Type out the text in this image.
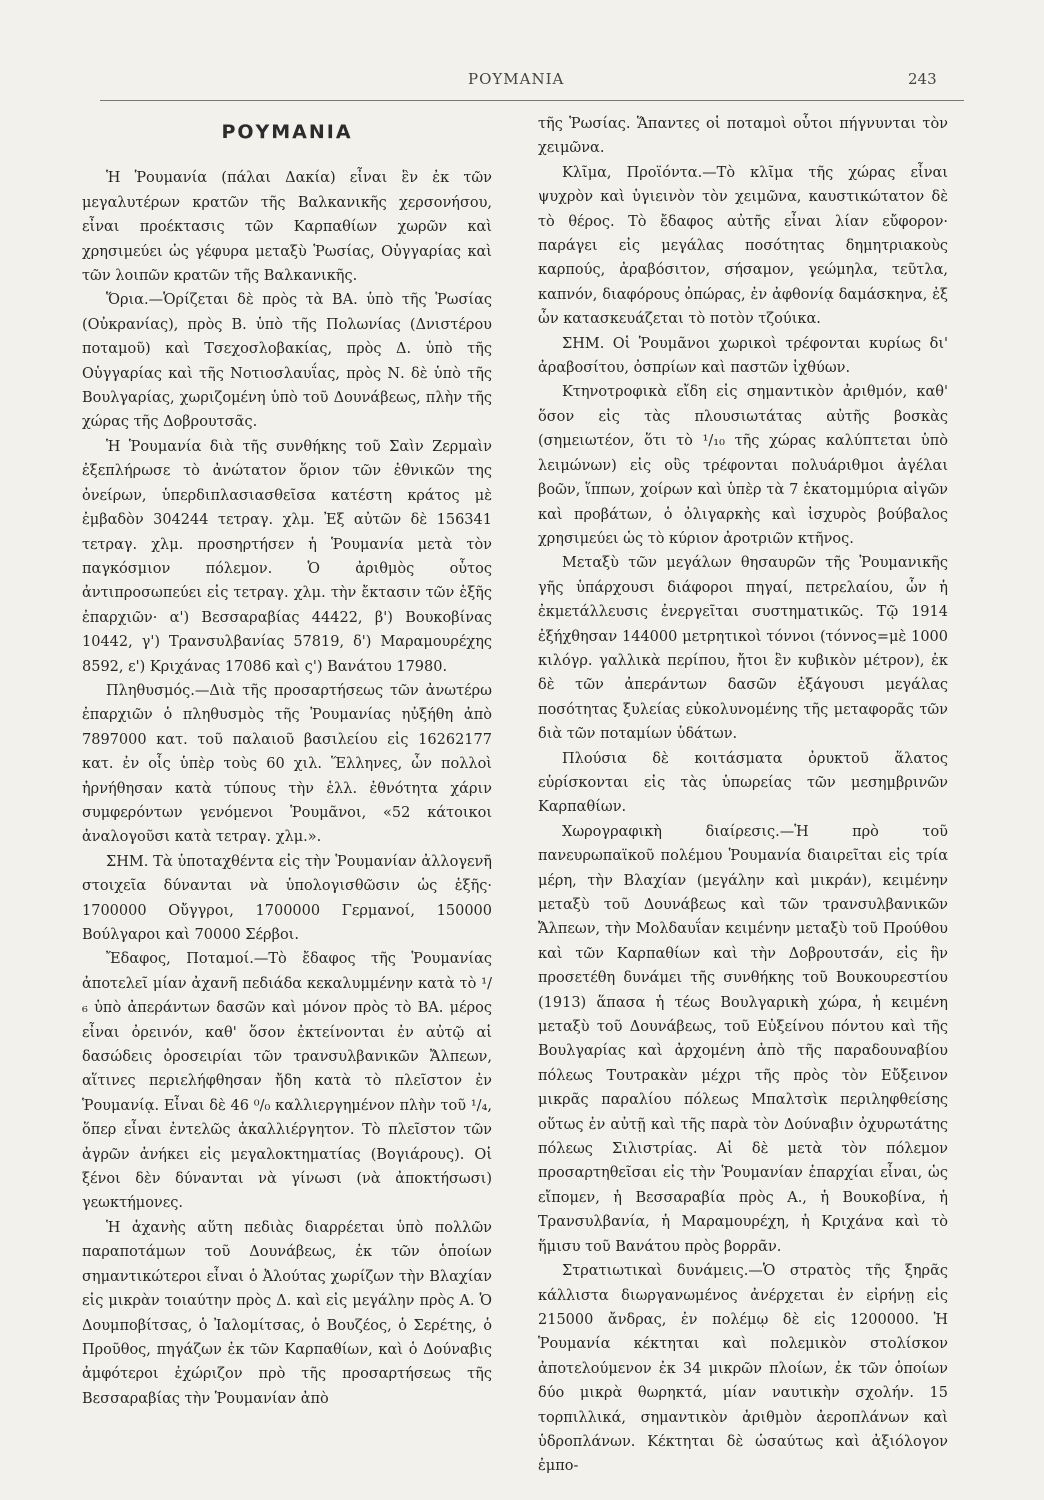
ΡΟΥΜΑΝΙΑ	243
ΡΟΥΜΑΝΙΑ

Ἡ Ῥουμανία (πάλαι Δακία) εἶναι ἓν ἐκ τῶν μεγαλυτέρων κρατῶν τῆς Βαλκανικῆς χερσονήσου, εἶναι προέκτασις τῶν Καρπαθίων χωρῶν καὶ χρησιμεύει ὡς γέφυρα μεταξὺ Ῥωσίας, Οὑγγαρίας καὶ τῶν λοιπῶν κρατῶν τῆς Βαλκανικῆς.

Ὅρια.—Ὁρίζεται δὲ πρὸς τὰ ΒΑ. ὑπὸ τῆς Ῥωσίας (Οὐκρανίας), πρὸς Β. ὑπὸ τῆς Πολωνίας (Δνιστέρου ποταμοῦ) καὶ Τσεχοσλοβακίας, πρὸς Δ. ὑπὸ τῆς Οὑγγαρίας καὶ τῆς Νοτιοσλαυΐας, πρὸς Ν. δὲ ὑπὸ τῆς Βουλγαρίας, χωριζομένη ὑπὸ τοῦ Δουνάβεως, πλὴν τῆς χώρας τῆς Δοβρουτσᾶς.

Ἡ Ῥουμανία διὰ τῆς συνθήκης τοῦ Σαὶν Ζερμαὶν ἐξεπλήρωσε τὸ ἀνώτατον ὅριον τῶν ἐθνικῶν της ὀνείρων, ὑπερδιπλασιασθεῖσα κατέστη κράτος μὲ ἐμβαδὸν 304244 τετραγ. χλμ. Ἐξ αὐτῶν δὲ 156341 τετραγ. χλμ. προσηρτήσεν ἡ Ῥουμανία μετὰ τὸν παγκόσμιον πόλεμον. Ὁ ἀριθμὸς οὗτος ἀντιπροσωπεύει εἰς τετραγ. χλμ. τὴν ἔκτασιν τῶν ἑξῆς ἐπαρχιῶν· α') Βεσσαραβίας 44422, β') Βουκοβίνας 10442, γ') Τρανσυλβανίας 57819, δ') Μαραμουρέχης 8592, ε') Κριχάνας 17086 καὶ ς') Βανάτου 17980.

Πληθυσμός.—Διὰ τῆς προσαρτήσεως τῶν ἀνωτέρω ἐπαρχιῶν ὁ πληθυσμὸς τῆς Ῥουμανίας ηὐξήθη ἀπὸ 7897000 κατ. τοῦ παλαιοῦ βασιλείου εἰς 16262177 κατ. ἐν οἷς ὑπὲρ τοὺς 60 χιλ. Ἕλληνες, ὧν πολλοὶ ἠρνήθησαν κατὰ τύπους τὴν ἑλλ. ἐθνότητα χάριν συμφερόντων γενόμενοι Ῥουμᾶνοι, «52 κάτοικοι ἀναλογοῦσι κατὰ τετραγ. χλμ.».

ΣΗΜ. Τὰ ὑποταχθέντα εἰς τὴν Ῥουμανίαν ἀλλογενῆ στοιχεῖα δύνανται νὰ ὑπολογισθῶσιν ὡς ἑξῆς· 1700000 Οὔγγροι, 1700000 Γερμανοί, 150000 Βούλγαροι καὶ 70000 Σέρβοι.

Ἔδαφος, Ποταμοί.—Τὸ ἔδαφος τῆς Ῥουμανίας ἀποτελεῖ μίαν ἀχανῆ πεδιάδα κεκαλυμμένην κατὰ τὸ ¹/₆ ὑπὸ ἀπεράντων δασῶν καὶ μόνον πρὸς τὸ ΒΑ. μέρος εἶναι ὀρεινόν, καθ' ὅσον ἐκτείνονται ἐν αὐτῷ αἱ δασώδεις ὀροσειρίαι τῶν τρανσυλβανικῶν Ἄλπεων, αἵτινες περιελήφθησαν ἤδη κατὰ τὸ πλεῖστον ἐν Ῥουμανίᾳ. Εἶναι δὲ 46 ⁰/₀ καλλιεργημένον πλὴν τοῦ ¹/₄, ὅπερ εἶναι ἐντελῶς ἀκαλλιέργητον. Τὸ πλεῖστον τῶν ἀγρῶν ἀνήκει εἰς μεγαλοκτηματίας (Βογιάρους). Οἱ ξένοι δὲν δύνανται νὰ γίνωσι (νὰ ἀποκτήσωσι) γεωκτήμονες.

Ἡ ἀχανὴς αὕτη πεδιὰς διαρρέεται ὑπὸ πολλῶν παραποτάμων τοῦ Δουνάβεως, ἐκ τῶν ὁποίων σημαντικώτεροι εἶναι ὁ Ἀλούτας χωρίζων τὴν Βλαχίαν εἰς μικρὰν τοιαύτην πρὸς Δ. καὶ εἰς μεγάλην πρὸς Α. Ὁ Δουμποβίτσας, ὁ Ἰαλομίτσας, ὁ Βουζέος, ὁ Σερέτης, ὁ Προῦθος, πηγάζων ἐκ τῶν Καρπαθίων, καὶ ὁ Δούναβις ἀμφότεροι ἐχώριζον πρὸ τῆς προσαρτήσεως τῆς Βεσσαραβίας τὴν Ῥουμανίαν ἀπὸ

τῆς Ῥωσίας. Ἅπαντες οἱ ποταμοὶ οὗτοι πήγνυνται τὸν χειμῶνα.

Κλῖμα, Προϊόντα.—Τὸ κλῖμα τῆς χώρας εἶναι ψυχρὸν καὶ ὑγιεινὸν τὸν χειμῶνα, καυστικώτατον δὲ τὸ θέρος. Τὸ ἔδαφος αὐτῆς εἶναι λίαν εὔφορον· παράγει εἰς μεγάλας ποσότητας δημητριακοὺς καρπούς, ἀραβόσιτον, σήσαμον, γεώμηλα, τεῦτλα, καπνόν, διαφόρους ὀπώρας, ἐν ἀφθονίᾳ δαμάσκηνα, ἐξ ὧν κατασκευάζεται τὸ ποτὸν τζούικα.

ΣΗΜ. Οἱ Ῥουμᾶνοι χωρικοὶ τρέφονται κυρίως δι' ἀραβοσίτου, ὀσπρίων καὶ παστῶν ἰχθύων.

Κτηνοτροφικὰ εἴδη εἰς σημαντικὸν ἀριθμόν, καθ' ὅσον εἰς τὰς πλουσιωτάτας αὐτῆς βοσκὰς (σημειωτέον, ὅτι τὸ ¹/₁₀ τῆς χώρας καλύπτεται ὑπὸ λειμώνων) εἰς οὓς τρέφονται πολυάριθμοι ἀγέλαι βοῶν, ἵππων, χοίρων καὶ ὑπὲρ τὰ 7 ἑκατομμύρια αἰγῶν καὶ προβάτων, ὁ ὀλιγαρκὴς καὶ ἰσχυρὸς βούβαλος χρησιμεύει ὡς τὸ κύριον ἀροτριῶν κτῆνος.

Μεταξὺ τῶν μεγάλων θησαυρῶν τῆς Ῥουμανικῆς γῆς ὑπάρχουσι διάφοροι πηγαί, πετρελαίου, ὧν ἡ ἐκμετάλλευσις ἐνεργεῖται συστηματικῶς. Τῷ 1914 ἐξήχθησαν 144000 μετρητικοὶ τόννοι (τόννος=μὲ 1000 κιλόγρ. γαλλικὰ περίπου, ἤτοι ἓν κυβικὸν μέτρον), ἐκ δὲ τῶν ἀπεράντων δασῶν ἐξάγουσι μεγάλας ποσότητας ξυλείας εὐκολυνομένης τῆς μεταφορᾶς τῶν διὰ τῶν ποταμίων ὑδάτων.

Πλούσια δὲ κοιτάσματα ὀρυκτοῦ ἅλατος εὑρίσκονται εἰς τὰς ὑπωρείας τῶν μεσημβρινῶν Καρπαθίων.

Χωρογραφικὴ διαίρεσις.—Ἡ πρὸ τοῦ πανευρωπαϊκοῦ πολέμου Ῥουμανία διαιρεῖται εἰς τρία μέρη, τὴν Βλαχίαν (μεγάλην καὶ μικράν), κειμένην μεταξὺ τοῦ Δουνάβεως καὶ τῶν τρανσυλβανικῶν Ἄλπεων, τὴν Μολδαυΐαν κειμένην μεταξὺ τοῦ Προύθου καὶ τῶν Καρπαθίων καὶ τὴν Δοβρουτσάν, εἰς ἣν προσετέθη δυνάμει τῆς συνθήκης τοῦ Βουκουρεστίου (1913) ἅπασα ἡ τέως Βουλγαρικὴ χώρα, ἡ κειμένη μεταξὺ τοῦ Δουνάβεως, τοῦ Εὐξείνου πόντου καὶ τῆς Βουλγαρίας καὶ ἀρχομένη ἀπὸ τῆς παραδουναβίου πόλεως Τουτρακὰν μέχρι τῆς πρὸς τὸν Εὔξεινον μικρᾶς παραλίου πόλεως Μπαλτσὶκ περιληφθείσης οὕτως ἐν αὐτῇ καὶ τῆς παρὰ τὸν Δούναβιν ὀχυρωτάτης πόλεως Σιλιστρίας. Αἱ δὲ μετὰ τὸν πόλεμον προσαρτηθεῖσαι εἰς τὴν Ῥουμανίαν ἐπαρχίαι εἶναι, ὡς εἴπομεν, ἡ Βεσσαραβία πρὸς Α., ἡ Βουκοβίνα, ἡ Τρανσυλβανία, ἡ Μαραμουρέχη, ἡ Κριχάνα καὶ τὸ ἥμισυ τοῦ Βανάτου πρὸς βορρᾶν.

Στρατιωτικαὶ δυνάμεις.—Ὁ στρατὸς τῆς ξηρᾶς κάλλιστα διωργανωμένος ἀνέρχεται ἐν εἰρήνῃ εἰς 215000 ἄνδρας, ἐν πολέμῳ δὲ εἰς 1200000. Ἡ Ῥουμανία κέκτηται καὶ πολεμικὸν στολίσκον ἀποτελούμενον ἐκ 34 μικρῶν πλοίων, ἐκ τῶν ὁποίων δύο μικρὰ θωρηκτά, μίαν ναυτικὴν σχολήν. 15 τορπιλλικά, σημαντικὸν ἀριθμὸν ἀεροπλάνων καὶ ὑδροπλάνων. Κέκτηται δὲ ὡσαύτως καὶ ἀξιόλογον ἐμπο-
